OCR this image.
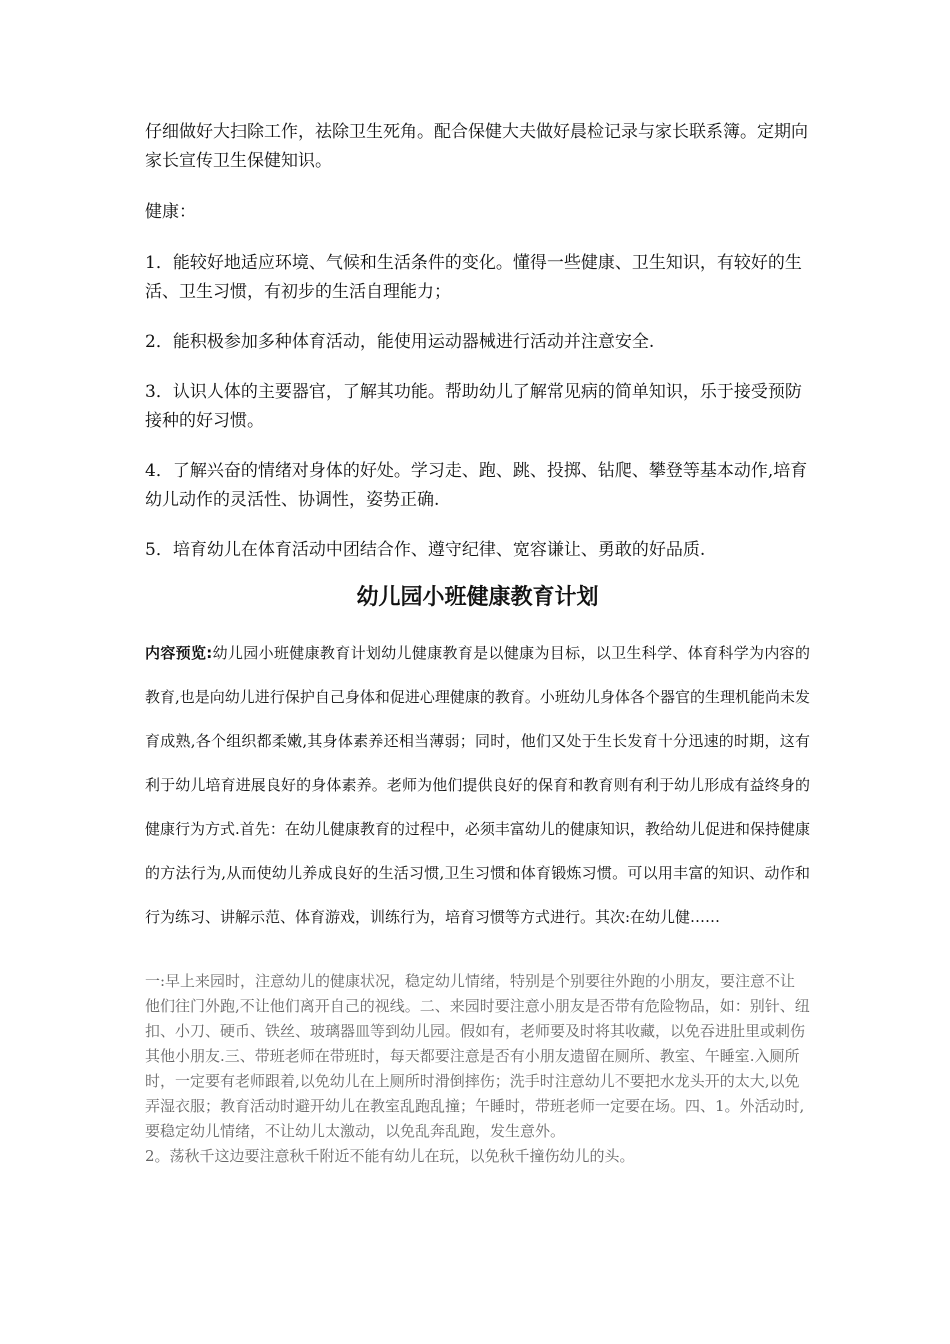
仔细做好大扫除工作，祛除卫生死角。配合保健大夫做好晨检记录与家长联系簿。定期向家长宣传卫生保健知识。

健康：

1．能较好地适应环境、气候和生活条件的变化。懂得一些健康、卫生知识，有较好的生活、卫生习惯，有初步的生活自理能力；

2．能积极参加多种体育活动，能使用运动器械进行活动并注意安全.

3．认识人体的主要器官，了解其功能。帮助幼儿了解常见病的简单知识，乐于接受预防接种的好习惯。

4．了解兴奋的情绪对身体的好处。学习走、跑、跳、投掷、钻爬、攀登等基本动作,培育幼儿动作的灵活性、协调性，姿势正确.

5．培育幼儿在体育活动中团结合作、遵守纪律、宽容谦让、勇敢的好品质.

幼儿园小班健康教育计划

内容预览:幼儿园小班健康教育计划幼儿健康教育是以健康为目标，以卫生科学、体育科学为内容的教育,也是向幼儿进行保护自己身体和促进心理健康的教育。小班幼儿身体各个器官的生理机能尚未发育成熟,各个组织都柔嫩,其身体素养还相当薄弱；同时，他们又处于生长发育十分迅速的时期，这有利于幼儿培育进展良好的身体素养。老师为他们提供良好的保育和教育则有利于幼儿形成有益终身的健康行为方式.首先：在幼儿健康教育的过程中，必须丰富幼儿的健康知识，教给幼儿促进和保持健康的方法行为,从而使幼儿养成良好的生活习惯,卫生习惯和体育锻炼习惯。可以用丰富的知识、动作和行为练习、讲解示范、体育游戏，训练行为，培育习惯等方式进行。其次:在幼儿健……

一:早上来园时，注意幼儿的健康状况，稳定幼儿情绪，特别是个别要往外跑的小朋友，要注意不让他们往门外跑,不让他们离开自己的视线。二、来园时要注意小朋友是否带有危险物品，如：别针、纽扣、小刀、硬币、铁丝、玻璃器皿等到幼儿园。假如有，老师要及时将其收藏，以免吞进肚里或刺伤其他小朋友.三、带班老师在带班时，每天都要注意是否有小朋友遗留在厕所、教室、午睡室.入厕所时，一定要有老师跟着,以免幼儿在上厕所时滑倒摔伤；洗手时注意幼儿不要把水龙头开的太大,以免弄湿衣服；教育活动时避开幼儿在教室乱跑乱撞；午睡时，带班老师一定要在场。四、1。外活动时,要稳定幼儿情绪，不让幼儿太激动，以免乱奔乱跑，发生意外。
2。荡秋千这边要注意秋千附近不能有幼儿在玩，以免秋千撞伤幼儿的头。
